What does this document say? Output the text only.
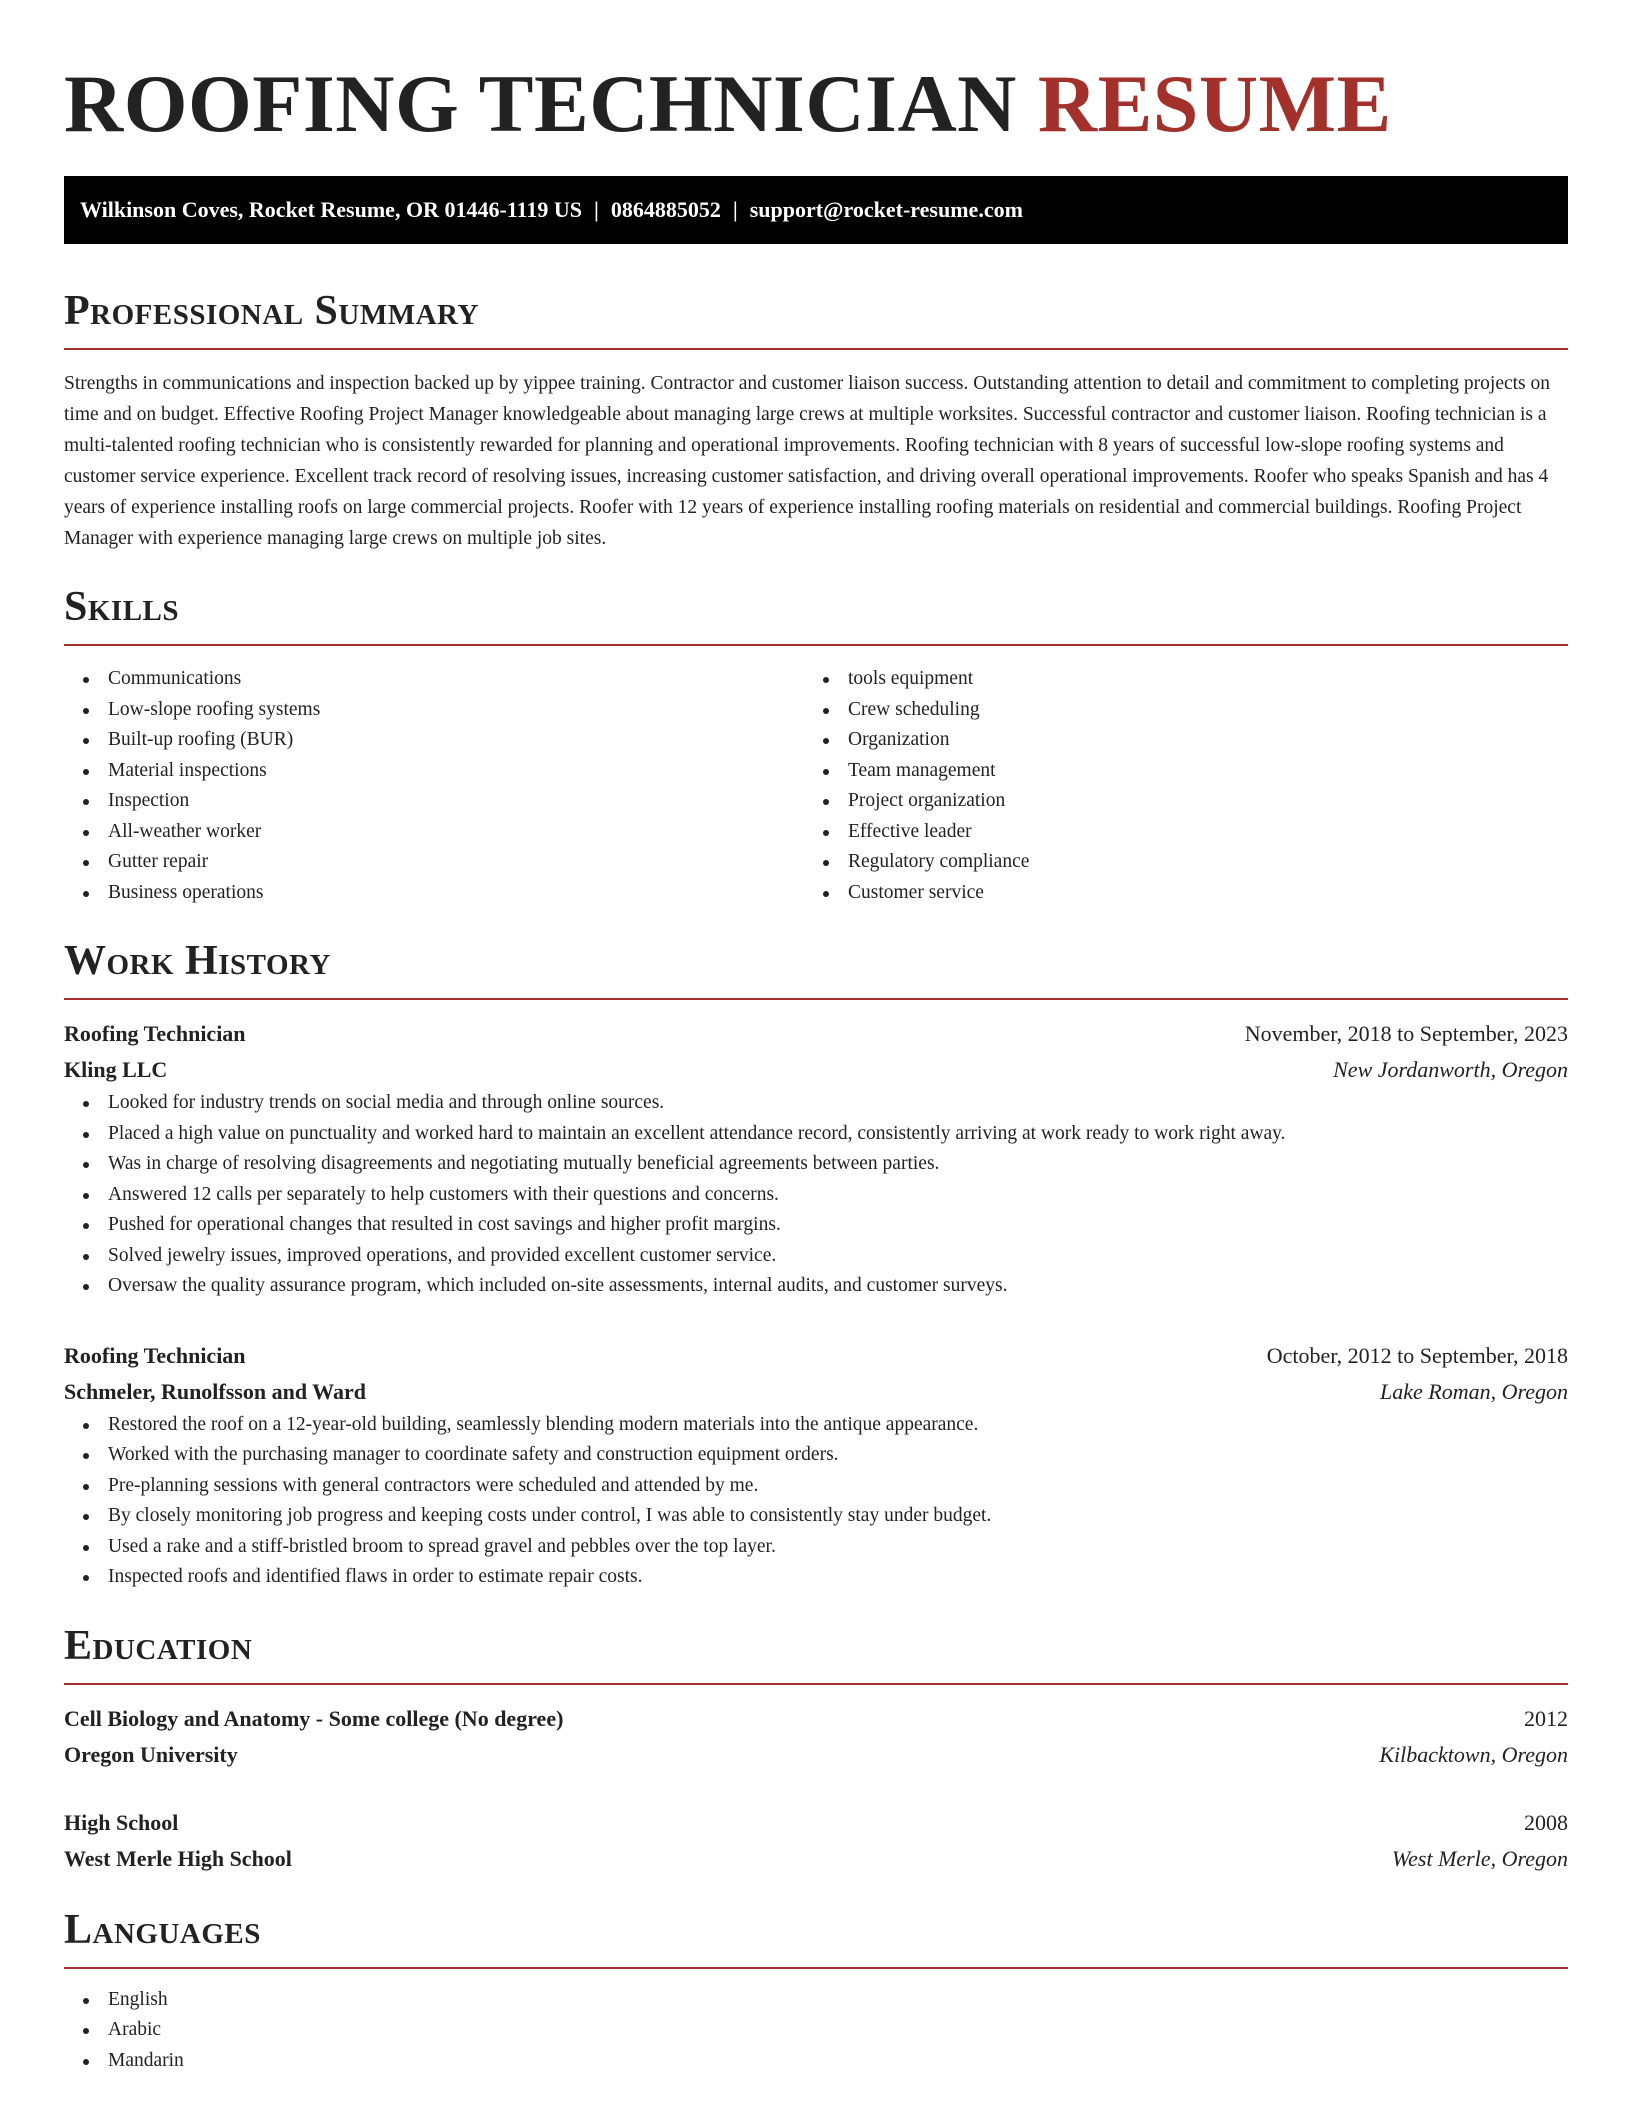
ROOFING TECHNICIAN RESUME
Wilkinson Coves, Rocket Resume, OR 01446-1119 US | 0864885052 | support@rocket-resume.com
Professional Summary

Strengths in communications and inspection backed up by yippee training. Contractor and customer liaison success. Outstanding attention to detail and commitment to completing projects on time and on budget. Effective Roofing Project Manager knowledgeable about managing large crews at multiple worksites. Successful contractor and customer liaison. Roofing technician is a multi-talented roofing technician who is consistently rewarded for planning and operational improvements. Roofing technician with 8 years of successful low-slope roofing systems and customer service experience. Excellent track record of resolving issues, increasing customer satisfaction, and driving overall operational improvements. Roofer who speaks Spanish and has 4 years of experience installing roofs on large commercial projects. Roofer with 12 years of experience installing roofing materials on residential and commercial buildings. Roofing Project Manager with experience managing large crews on multiple job sites.

Skills
Communications
Low-slope roofing systems
Built-up roofing (BUR)
Material inspections
Inspection
All-weather worker
Gutter repair
Business operations
tools equipment
Crew scheduling
Organization
Team management
Project organization
Effective leader
Regulatory compliance
Customer service
Work History
Roofing Technician	November, 2018 to September, 2023
Kling LLC	New Jordanworth, Oregon
Looked for industry trends on social media and through online sources.
Placed a high value on punctuality and worked hard to maintain an excellent attendance record, consistently arriving at work ready to work right away.
Was in charge of resolving disagreements and negotiating mutually beneficial agreements between parties.
Answered 12 calls per separately to help customers with their questions and concerns.
Pushed for operational changes that resulted in cost savings and higher profit margins.
Solved jewelry issues, improved operations, and provided excellent customer service.
Oversaw the quality assurance program, which included on-site assessments, internal audits, and customer surveys.
Roofing Technician	October, 2012 to September, 2018
Schmeler, Runolfsson and Ward	Lake Roman, Oregon
Restored the roof on a 12-year-old building, seamlessly blending modern materials into the antique appearance.
Worked with the purchasing manager to coordinate safety and construction equipment orders.
Pre-planning sessions with general contractors were scheduled and attended by me.
By closely monitoring job progress and keeping costs under control, I was able to consistently stay under budget.
Used a rake and a stiff-bristled broom to spread gravel and pebbles over the top layer.
Inspected roofs and identified flaws in order to estimate repair costs.
Education
Cell Biology and Anatomy - Some college (No degree)	2012
Oregon University	Kilbacktown, Oregon
High School	2008
West Merle High School	West Merle, Oregon
Languages
English
Arabic
Mandarin
